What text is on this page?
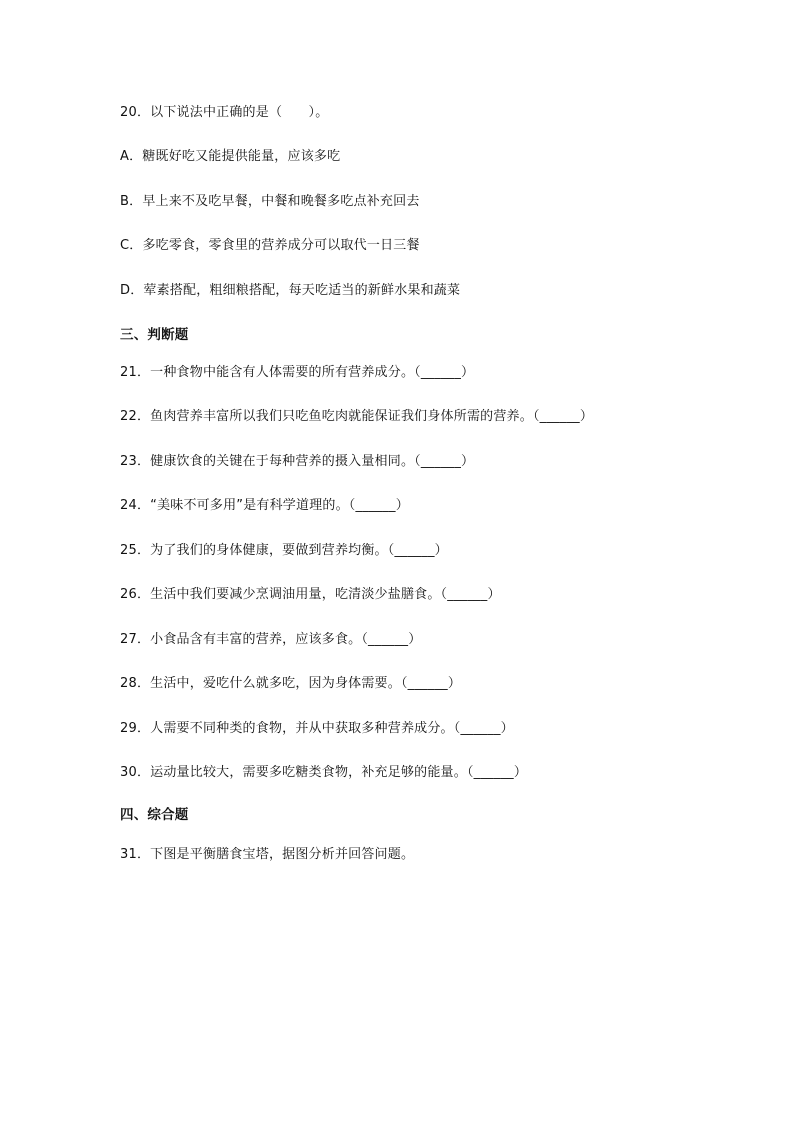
20．以下说法中正确的是（　　）。
A．糖既好吃又能提供能量，应该多吃
B．早上来不及吃早餐，中餐和晚餐多吃点补充回去
C．多吃零食，零食里的营养成分可以取代一日三餐
D．荤素搭配，粗细粮搭配，每天吃适当的新鲜水果和蔬菜
三、判断题
21．一种食物中能含有人体需要的所有营养成分。（______）
22．鱼肉营养丰富所以我们只吃鱼吃肉就能保证我们身体所需的营养。（______）
23．健康饮食的关键在于每种营养的摄入量相同。（______）
24．“美味不可多用”是有科学道理的。（______）
25．为了我们的身体健康，要做到营养均衡。（______）
26．生活中我们要减少烹调油用量，吃清淡少盐膳食。（______）
27．小食品含有丰富的营养，应该多食。（______）
28．生活中，爱吃什么就多吃，因为身体需要。（______）
29．人需要不同种类的食物，并从中获取多种营养成分。（______）
30．运动量比较大，需要多吃糖类食物，补充足够的能量。（______）
四、综合题
31．下图是平衡膳食宝塔，据图分析并回答问题。
